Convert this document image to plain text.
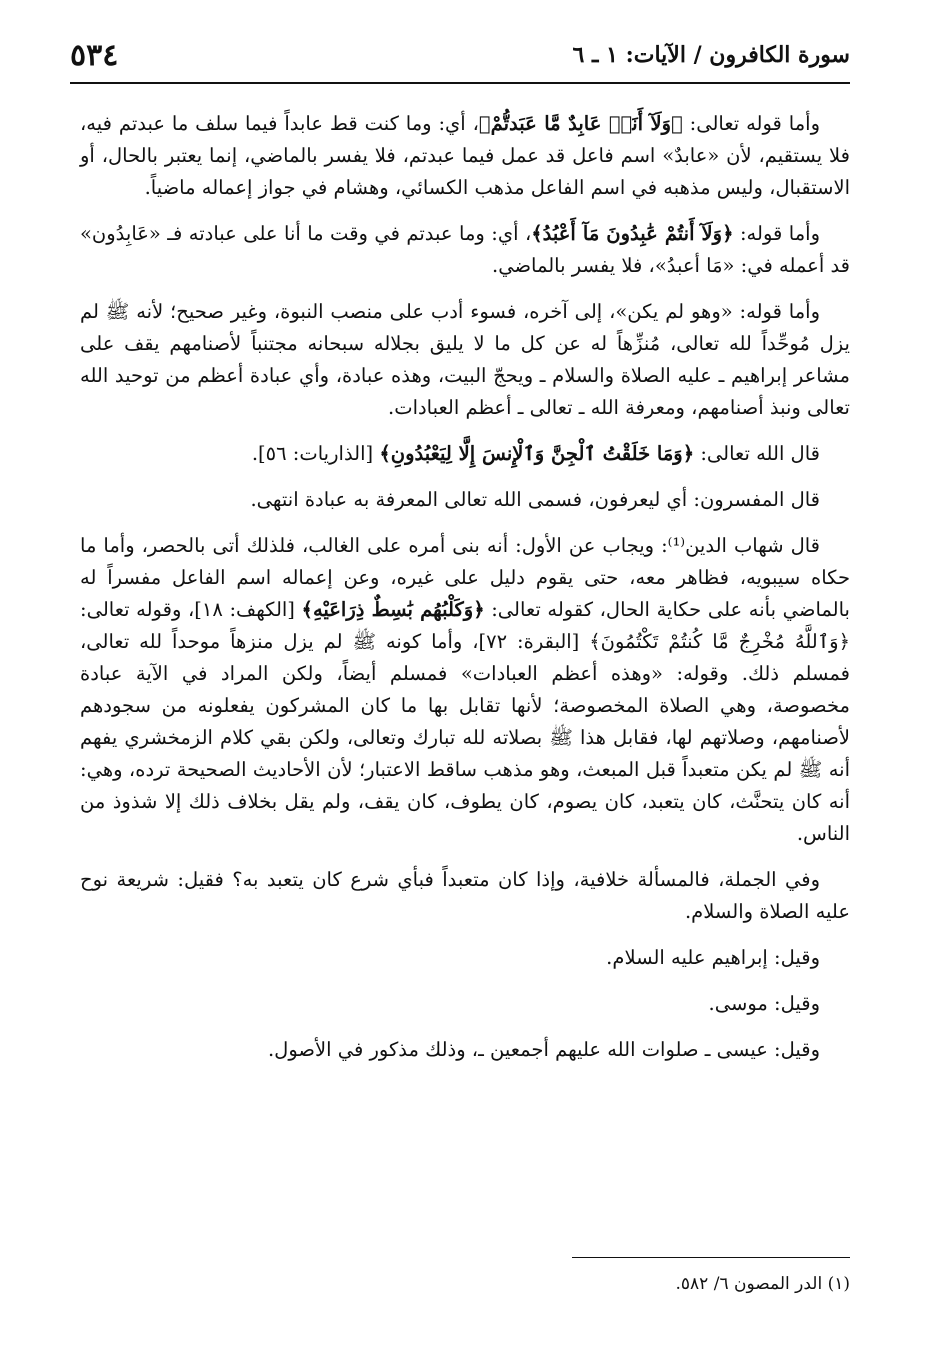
سورة الكافرون / الآيات: ١ ـ ٦
٥٣٤

وأما قوله تعالى: ﴿وَلَآ أَنَا۠ عَابِدٌ مَّا عَبَدتُّمْ﴾، أي: وما كنت قط عابداً فيما سلف ما عبدتم فيه، فلا يستقيم، لأن «عابدٌ» اسم فاعل قد عمل فيما عبدتم، فلا يفسر بالماضي، إنما يعتبر بالحال، أو الاستقبال، وليس مذهبه في اسم الفاعل مذهب الكسائي، وهشام في جواز إعماله ماضياً.

وأما قوله: ﴿وَلَآ أَنتُمْ عَٰبِدُونَ مَآ أَعْبُدُ﴾، أي: وما عبدتم في وقت ما أنا على عبادته فـ «عَابِدُون» قد أعمله في: «مَا أعبدُ»، فلا يفسر بالماضي.

وأما قوله: «وهو لم يكن»، إلى آخره، فسوء أدب على منصب النبوة، وغير صحيح؛ لأنه ﷺ لم يزل مُوحِّداً لله تعالى، مُنزِّهاً له عن كل ما لا يليق بجلاله سبحانه مجتنباً لأصنامهم يقف على مشاعر إبراهيم ـ عليه الصلاة والسلام ـ ويحجّ البيت، وهذه عبادة، وأي عبادة أعظم من توحيد الله تعالى ونبذ أصنامهم، ومعرفة الله ـ تعالى ـ أعظم العبادات.

قال الله تعالى: ﴿وَمَا خَلَقْتُ ٱلْجِنَّ وَٱلْإِنسَ إِلَّا لِيَعْبُدُونِ﴾ [الذاريات: ٥٦].

قال المفسرون: أي ليعرفون، فسمى الله تعالى المعرفة به عبادة انتهى.

قال شهاب الدين⁽¹⁾: ويجاب عن الأول: أنه بنى أمره على الغالب، فلذلك أتى بالحصر، وأما ما حكاه سيبويه، فظاهر معه، حتى يقوم دليل على غيره، وعن إعماله اسم الفاعل مفسراً له بالماضي بأنه على حكاية الحال، كقوله تعالى: ﴿وَكَلْبُهُم بَٰسِطٌ ذِرَاعَيْهِ﴾ [الكهف: ١٨]، وقوله تعالى: ﴿وَٱللَّهُ مُخْرِجٌ مَّا كُنتُمْ تَكْتُمُونَ﴾ [البقرة: ٧٢]، وأما كونه ﷺ لم يزل منزهاً موحداً لله تعالى، فمسلم ذلك. وقوله: «وهذه أعظم العبادات» فمسلم أيضاً، ولكن المراد في الآية عبادة مخصوصة، وهي الصلاة المخصوصة؛ لأنها تقابل بها ما كان المشركون يفعلونه من سجودهم لأصنامهم، وصلاتهم لها، فقابل هذا ﷺ بصلاته لله تبارك وتعالى، ولكن بقي كلام الزمخشري يفهم أنه ﷺ لم يكن متعبداً قبل المبعث، وهو مذهب ساقط الاعتبار؛ لأن الأحاديث الصحيحة ترده، وهي: أنه كان يتحنَّث، كان يتعبد، كان يصوم، كان يطوف، كان يقف، ولم يقل بخلاف ذلك إلا شذوذ من الناس.

وفي الجملة، فالمسألة خلافية، وإذا كان متعبداً فبأي شرع كان يتعبد به؟ فقيل: شريعة نوح عليه الصلاة والسلام.

وقيل: إبراهيم عليه السلام.

وقيل: موسى.

وقيل: عيسى ـ صلوات الله عليهم أجمعين ـ، وذلك مذكور في الأصول.

(١) الدر المصون ٦/ ٥٨٢.
